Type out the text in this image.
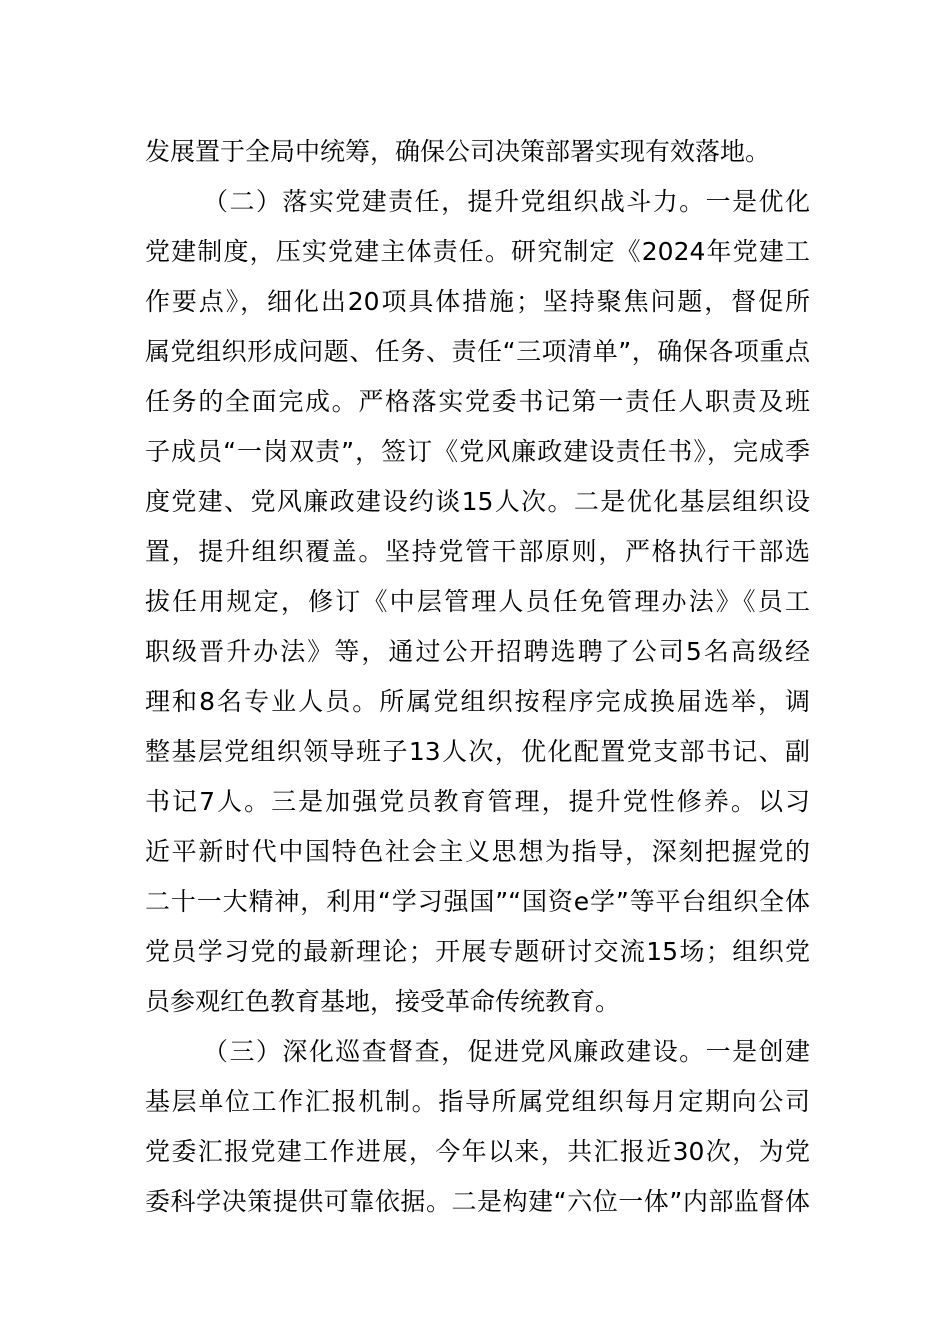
发展置于全局中统筹，确保公司决策部署实现有效落地。
（二）落实党建责任，提升党组织战斗力。一是优化
党建制度，压实党建主体责任。研究制定《2024年党建工
作要点》，细化出20项具体措施；坚持聚焦问题，督促所
属党组织形成问题、任务、责任“三项清单”，确保各项重点
任务的全面完成。严格落实党委书记第一责任人职责及班
子成员“一岗双责”，签订《党风廉政建设责任书》，完成季
度党建、党风廉政建设约谈15人次。二是优化基层组织设
置，提升组织覆盖。坚持党管干部原则，严格执行干部选
拔任用规定，修订《中层管理人员任免管理办法》《员工
职级晋升办法》等，通过公开招聘选聘了公司5名高级经
理和8名专业人员。所属党组织按程序完成换届选举，调
整基层党组织领导班子13人次，优化配置党支部书记、副
书记7人。三是加强党员教育管理，提升党性修养。以习
近平新时代中国特色社会主义思想为指导，深刻把握党的
二十一大精神，利用“学习强国”“国资e学”等平台组织全体
党员学习党的最新理论；开展专题研讨交流15场；组织党
员参观红色教育基地，接受革命传统教育。
（三）深化巡查督查，促进党风廉政建设。一是创建
基层单位工作汇报机制。指导所属党组织每月定期向公司
党委汇报党建工作进展，今年以来，共汇报近30次，为党
委科学决策提供可靠依据。二是构建“六位一体”内部监督体
